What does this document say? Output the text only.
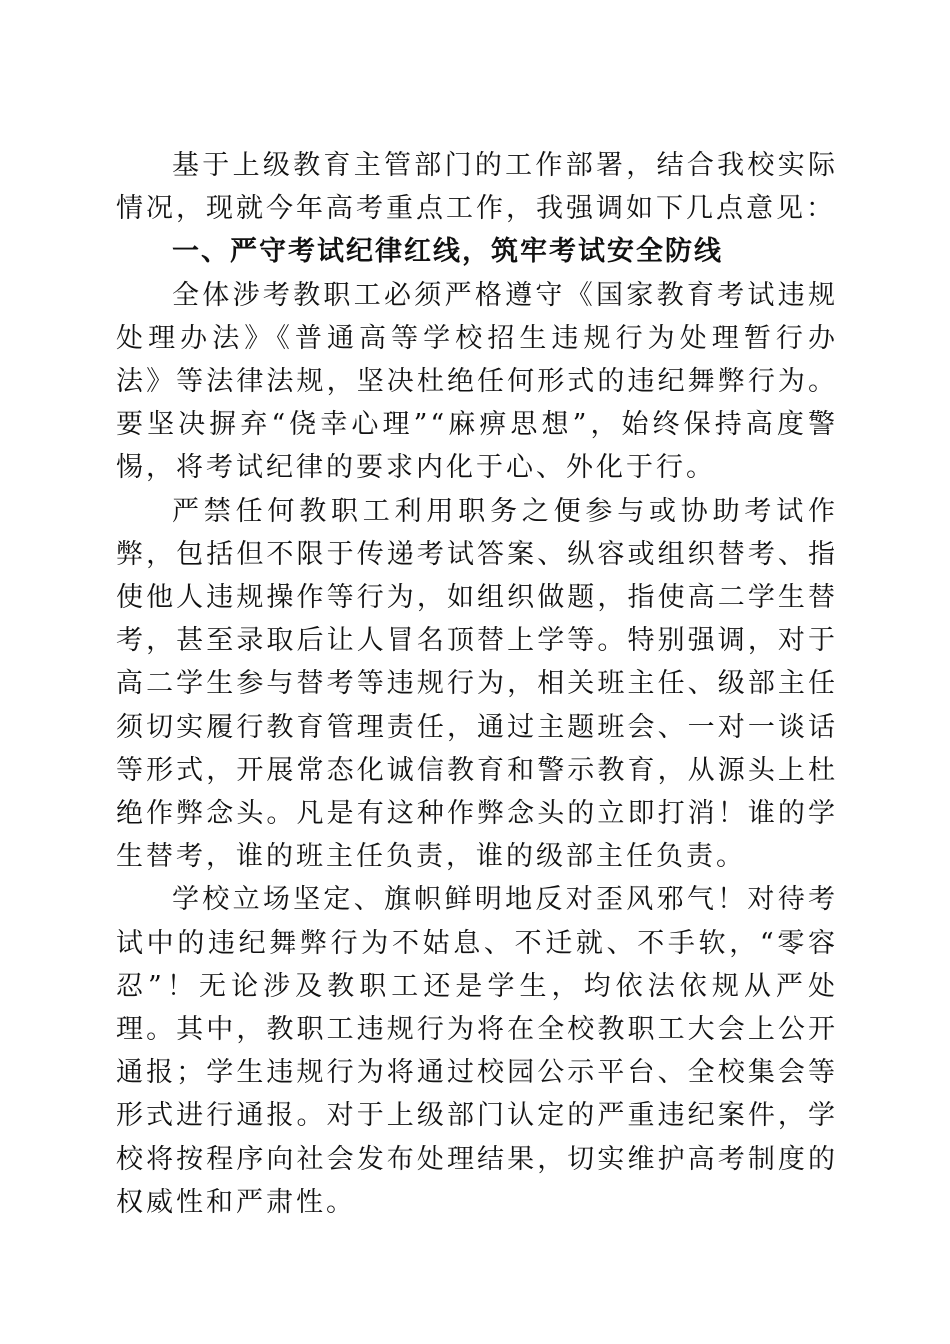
基于上级教育主管部门的工作部署，结合我校实际情况，现就今年高考重点工作，我强调如下几点意见：

一、严守考试纪律红线，筑牢考试安全防线

全体涉考教职工必须严格遵守《国家教育考试违规处理办法》《普通高等学校招生违规行为处理暂行办法》等法律法规，坚决杜绝任何形式的违纪舞弊行为。要坚决摒弃“侥幸心理”“麻痹思想”，始终保持高度警惕，将考试纪律的要求内化于心、外化于行。

严禁任何教职工利用职务之便参与或协助考试作弊，包括但不限于传递考试答案、纵容或组织替考、指使他人违规操作等行为，如组织做题，指使高二学生替考，甚至录取后让人冒名顶替上学等。特别强调，对于高二学生参与替考等违规行为，相关班主任、级部主任须切实履行教育管理责任，通过主题班会、一对一谈话等形式，开展常态化诚信教育和警示教育，从源头上杜绝作弊念头。凡是有这种作弊念头的立即打消！谁的学生替考，谁的班主任负责，谁的级部主任负责。

学校立场坚定、旗帜鲜明地反对歪风邪气！对待考试中的违纪舞弊行为不姑息、不迁就、不手软，“零容忍”！无论涉及教职工还是学生，均依法依规从严处理。其中，教职工违规行为将在全校教职工大会上公开通报；学生违规行为将通过校园公示平台、全校集会等形式进行通报。对于上级部门认定的严重违纪案件，学校将按程序向社会发布处理结果，切实维护高考制度的权威性和严肃性。
